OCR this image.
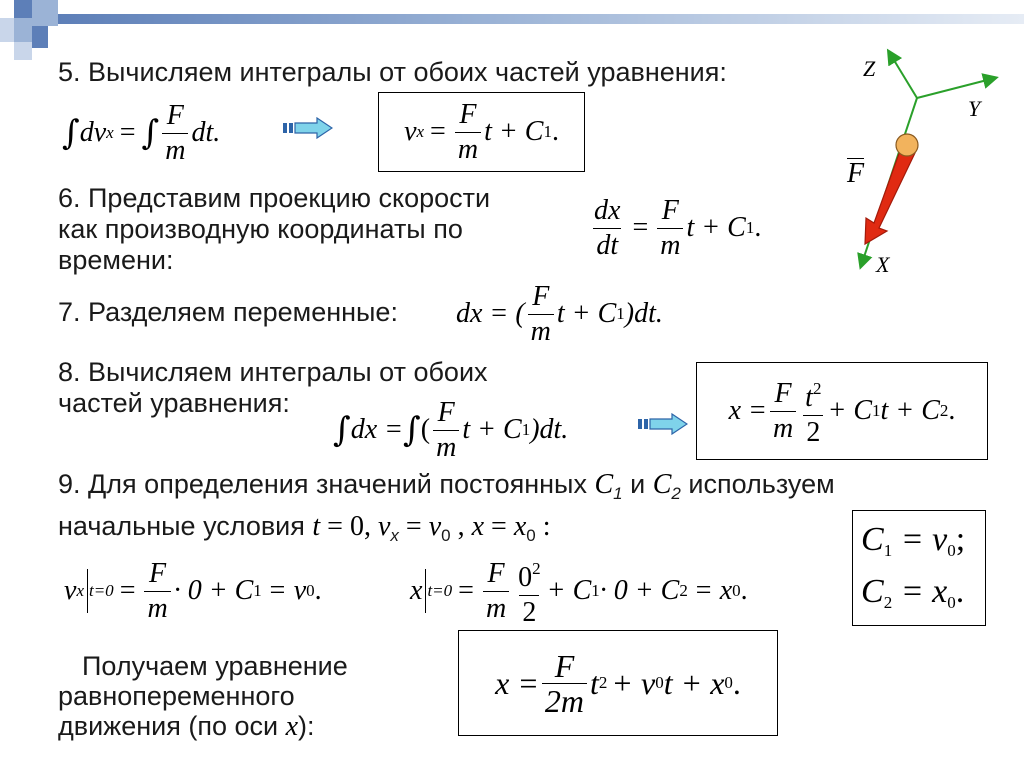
Z
Y
X
F
5. Вычисляем интегралы от обоих частей уравнения:
∫ dv x = ∫ $\frac{F}{m}$ dt.	v $x = \frac{F}{m}$ t + C 1 .
6. Представим проекцию скорости
как производную координаты по
времени:	$\frac{dx}{dt} = \frac{F}{m}$ t + C 1 .
7. Разделяем переменные: dx = ( $\frac{F}{m}$ t + C 1 )dt.
8. Вычисляем интегралы от обоих
частей уравнения:
∫ dx = ∫ ( $\frac{F}{m}$ t + C 1 )dt.
$x = \frac{F}{m} \frac{t^2}{2} + C$ 1 t + C 2 .
9. Для определения значений постоянных $C_1$ и $C_2$ используем
начальные условия t = 0, $v_x = v_0$ , $x = x_0$ :
v x $t=0 = \frac{F}{m} \cdot 0 + C$ 1 = v 0 .	x $t=0 = \frac{F}{m} \frac{0^2}{2} + C$ 1 · 0 + C 2 = x 0 .
$C_1 = v_0$;
$C_2 = x_0$.
Получаем уравнение
равнопеременного
движения (по оси x):
$x = \frac{F}{2m}$ t 2 + v 0 t + x 0 .
